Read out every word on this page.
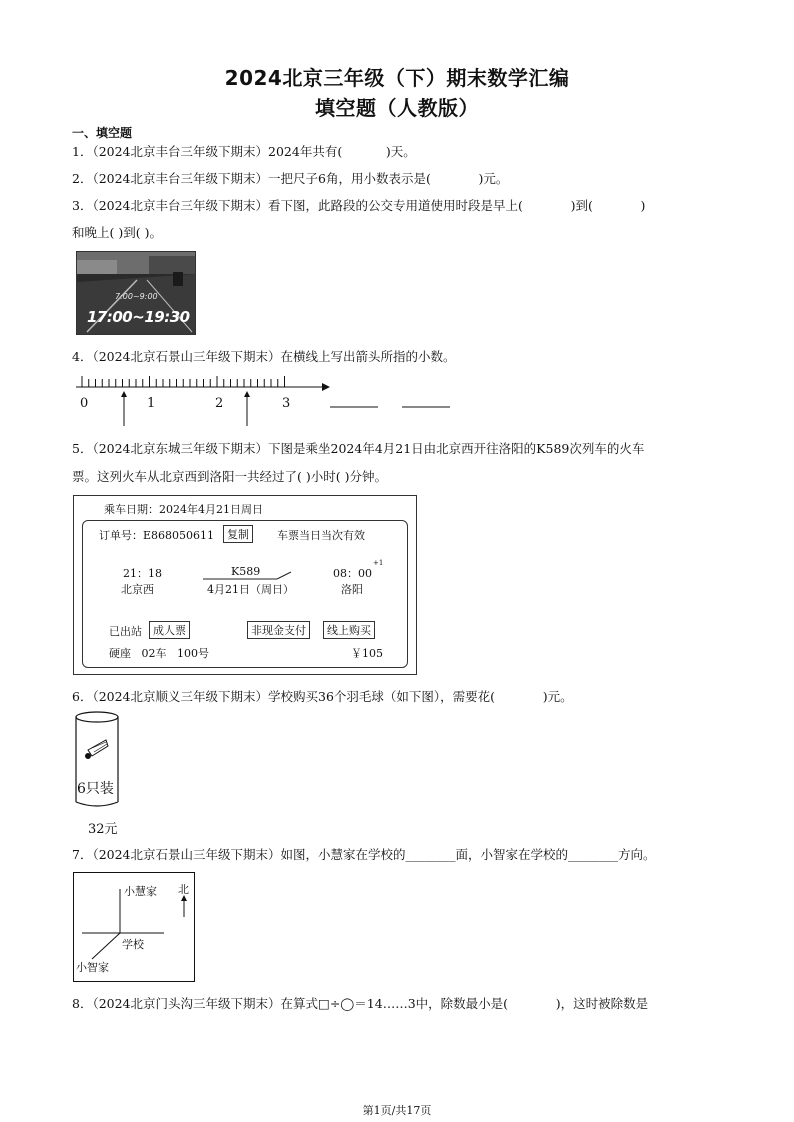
2024北京三年级（下）期末数学汇编
填空题（人教版）
一、填空题
1．（2024北京丰台三年级下期末）2024年共有(           )天。
2．（2024北京丰台三年级下期末）一把尺子6角，用小数表示是(            )元。
3．（2024北京丰台三年级下期末）看下图，此路段的公交专用道使用时段是早上(            )到(            )
和晚上( )到( )。
7:00~9:00
17:00~19:30
4．（2024北京石景山三年级下期末）在横线上写出箭头所指的小数。
0	1	2	3
5．（2024北京东城三年级下期末）下图是乘坐2024年4月21日由北京西开往洛阳的K589次列车的火车
票。这列火车从北京西到洛阳一共经过了( )小时( )分钟。
乘车日期：2024年4月21日周日
订单号：E868050611	复制	车票当日当次有效
21：18
北京西
K589
4月21日（周日）
08：00
+1
洛阳
已出站	成人票	非现金支付	线上购买
硬座   02车   100号	￥105
6．（2024北京顺义三年级下期末）学校购买36个羽毛球（如下图），需要花(            )元。
6只装
32元
7．（2024北京石景山三年级下期末）如图，小慧家在学校的________面，小智家在学校的________方向。
北
小慧家
学校
小智家
8．（2024北京门头沟三年级下期末）在算式□÷◯＝14……3中，除数最小是(            )，这时被除数是
第1页/共17页
